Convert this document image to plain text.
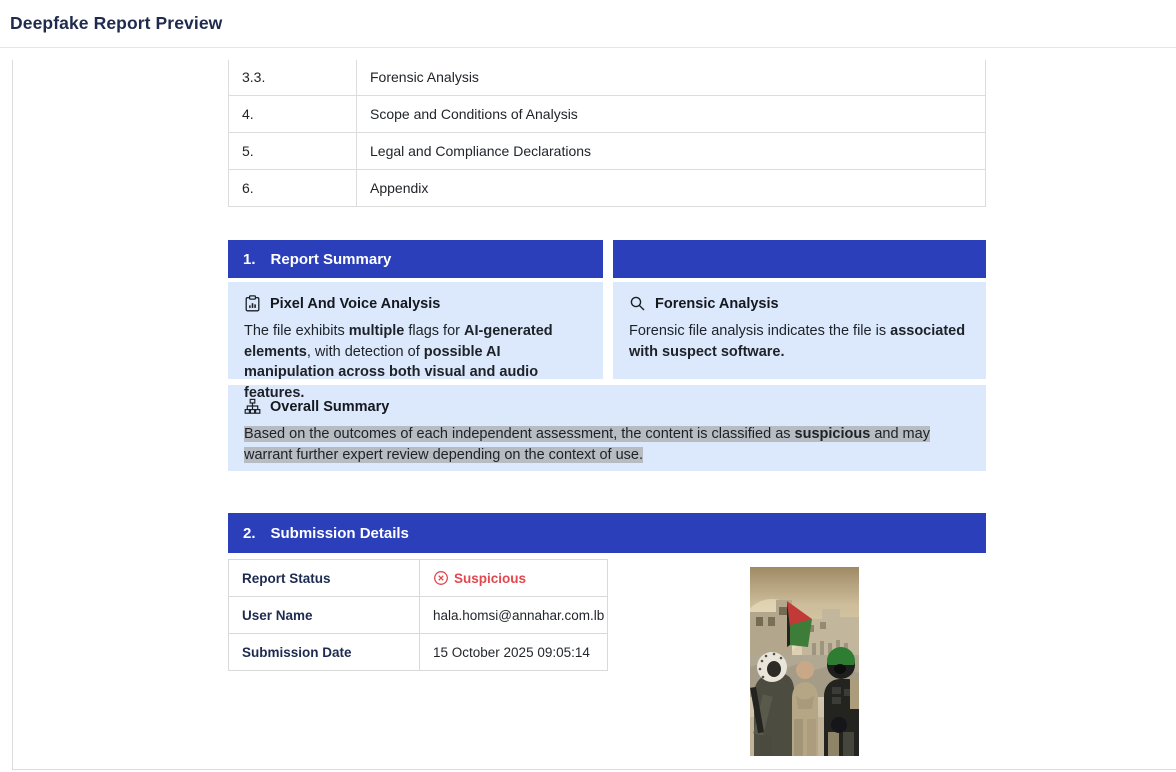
Deepfake Report Preview

3.3.	Forensic Analysis
4.	Scope and Conditions of Analysis
5.	Legal and Compliance Declarations
6.	Appendix
1. Report Summary
Pixel And Voice Analysis
The file exhibits multiple flags for AI-generated elements, with detection of possible AI manipulation across both visual and audio features.
Forensic Analysis
Forensic file analysis indicates the file is associated with suspect software.
Overall Summary
Based on the outcomes of each independent assessment, the content is classified as suspicious and may warrant further expert review depending on the context of use.
2. Submission Details
Report Status	Suspicious

User Name	hala.homsi@annahar.com.lb
Submission Date	15 October 2025 09:05:14
